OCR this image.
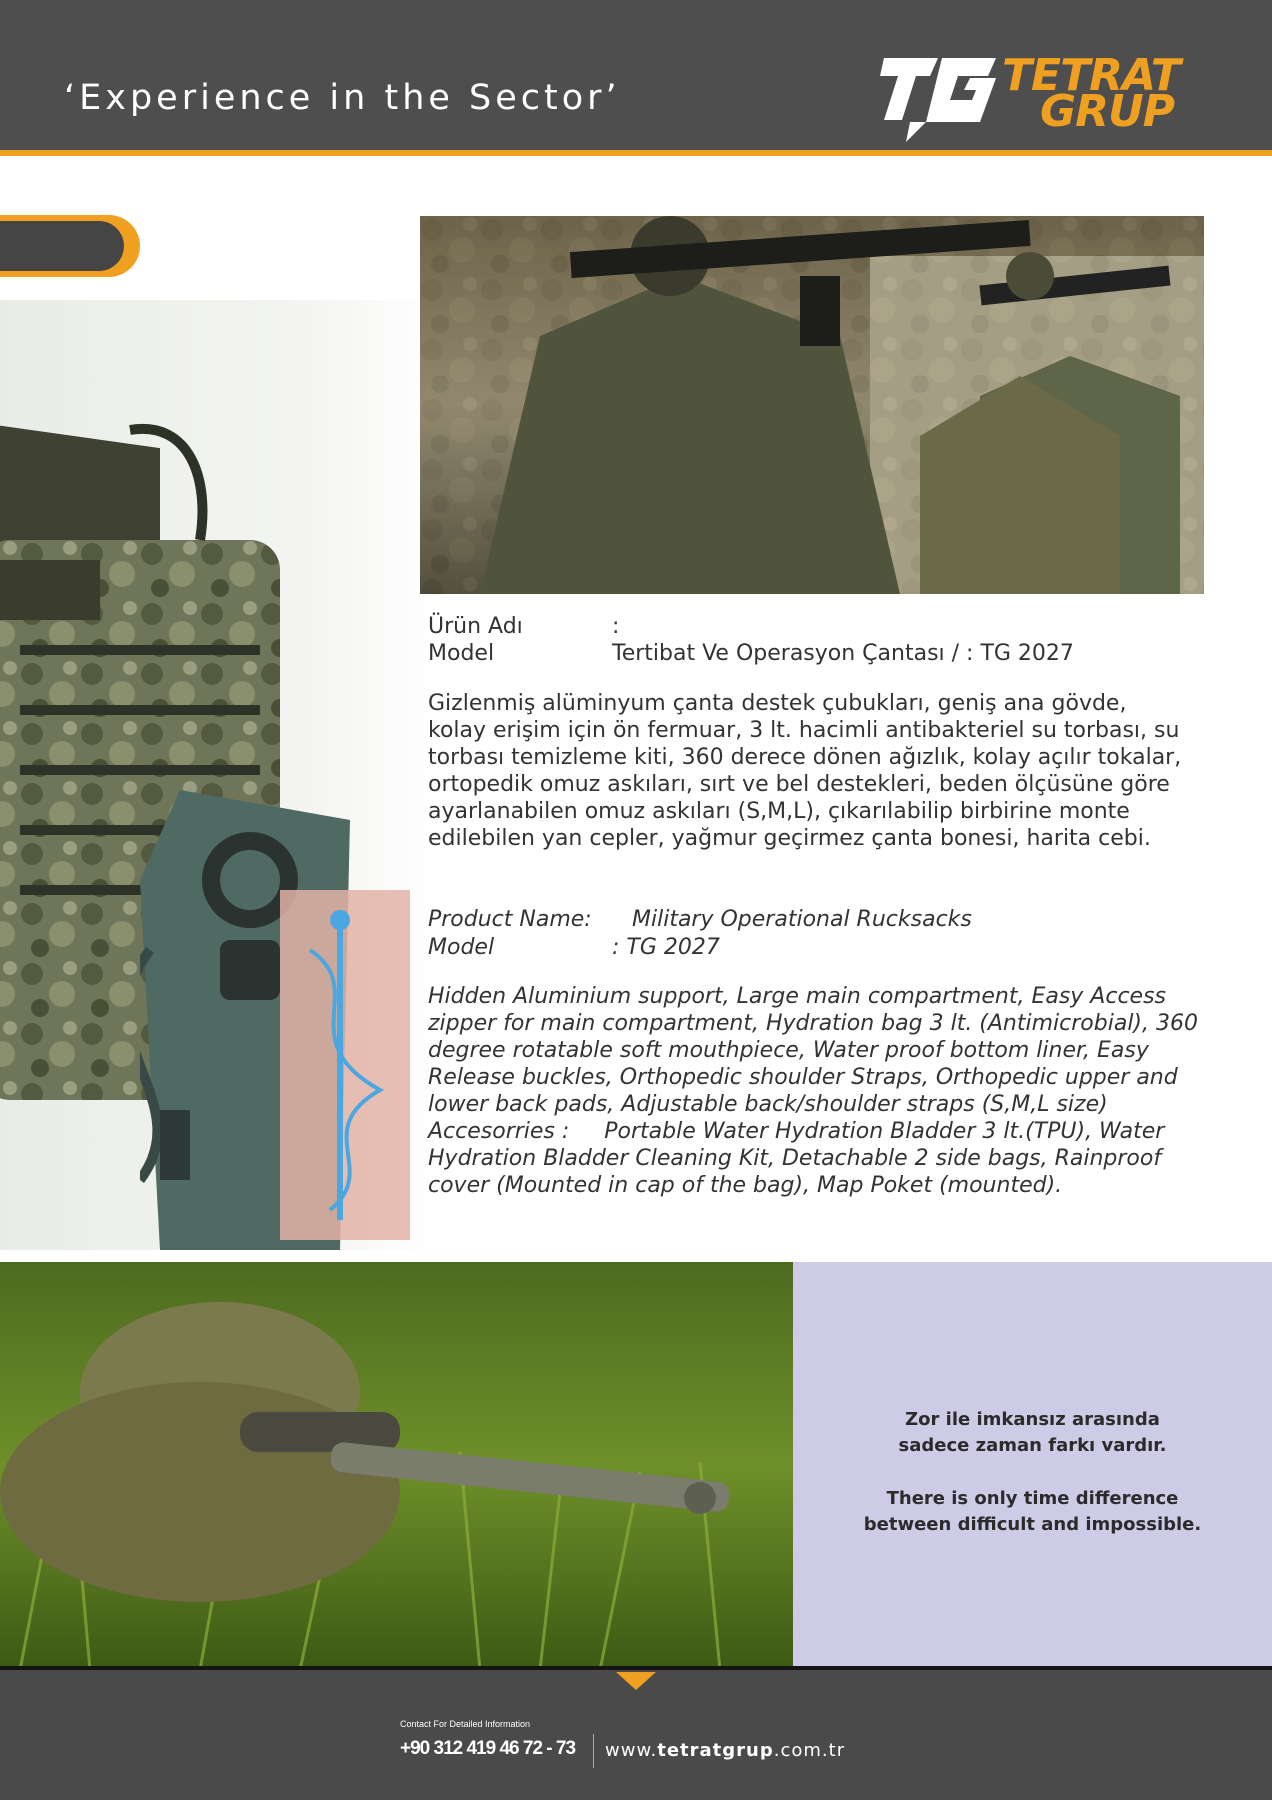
‘Experience in the Sector’	TETRAT
GRUP
Ürün Adı	:
Model	Tertibat Ve Operasyon Çantası / : TG 2027
Gizlenmiş alüminyum çanta destek çubukları, geniş ana gövde, kolay erişim için ön fermuar, 3 lt. hacimli antibakteriel su torbası, su torbası temizleme kiti, 360 derece dönen ağızlık, kolay açılır tokalar, ortopedik omuz askıları, sırt ve bel destekleri, beden ölçüsüne göre ayarlanabilen omuz askıları (S,M,L), çıkarılabilip birbirine monte edilebilen yan cepler, yağmur geçirmez çanta bonesi, harita cebi.
Product Name: Military Operational Rucksacks
Model	: TG 2027
Hidden Aluminium support, Large main compartment, Easy Access zipper for main compartment, Hydration bag 3 lt. (Antimicrobial), 360 degree rotatable soft mouthpiece, Water proof bottom liner, Easy Release buckles, Orthopedic shoulder Straps, Orthopedic upper and lower back pads, Adjustable back/shoulder straps (S,M,L size)
Accesorries : Portable Water Hydration Bladder 3 lt.(TPU), Water Hydration Bladder Cleaning Kit, Detachable 2 side bags, Rainproof cover (Mounted in cap of the bag), Map Poket (mounted).
Zor ile imkansız arasında sadece zaman farkı vardır.
There is only time difference between difficult and impossible.
Contact For Detailed Information
+90 312 419 46 72 - 73 www.tetratgrup.com.tr
